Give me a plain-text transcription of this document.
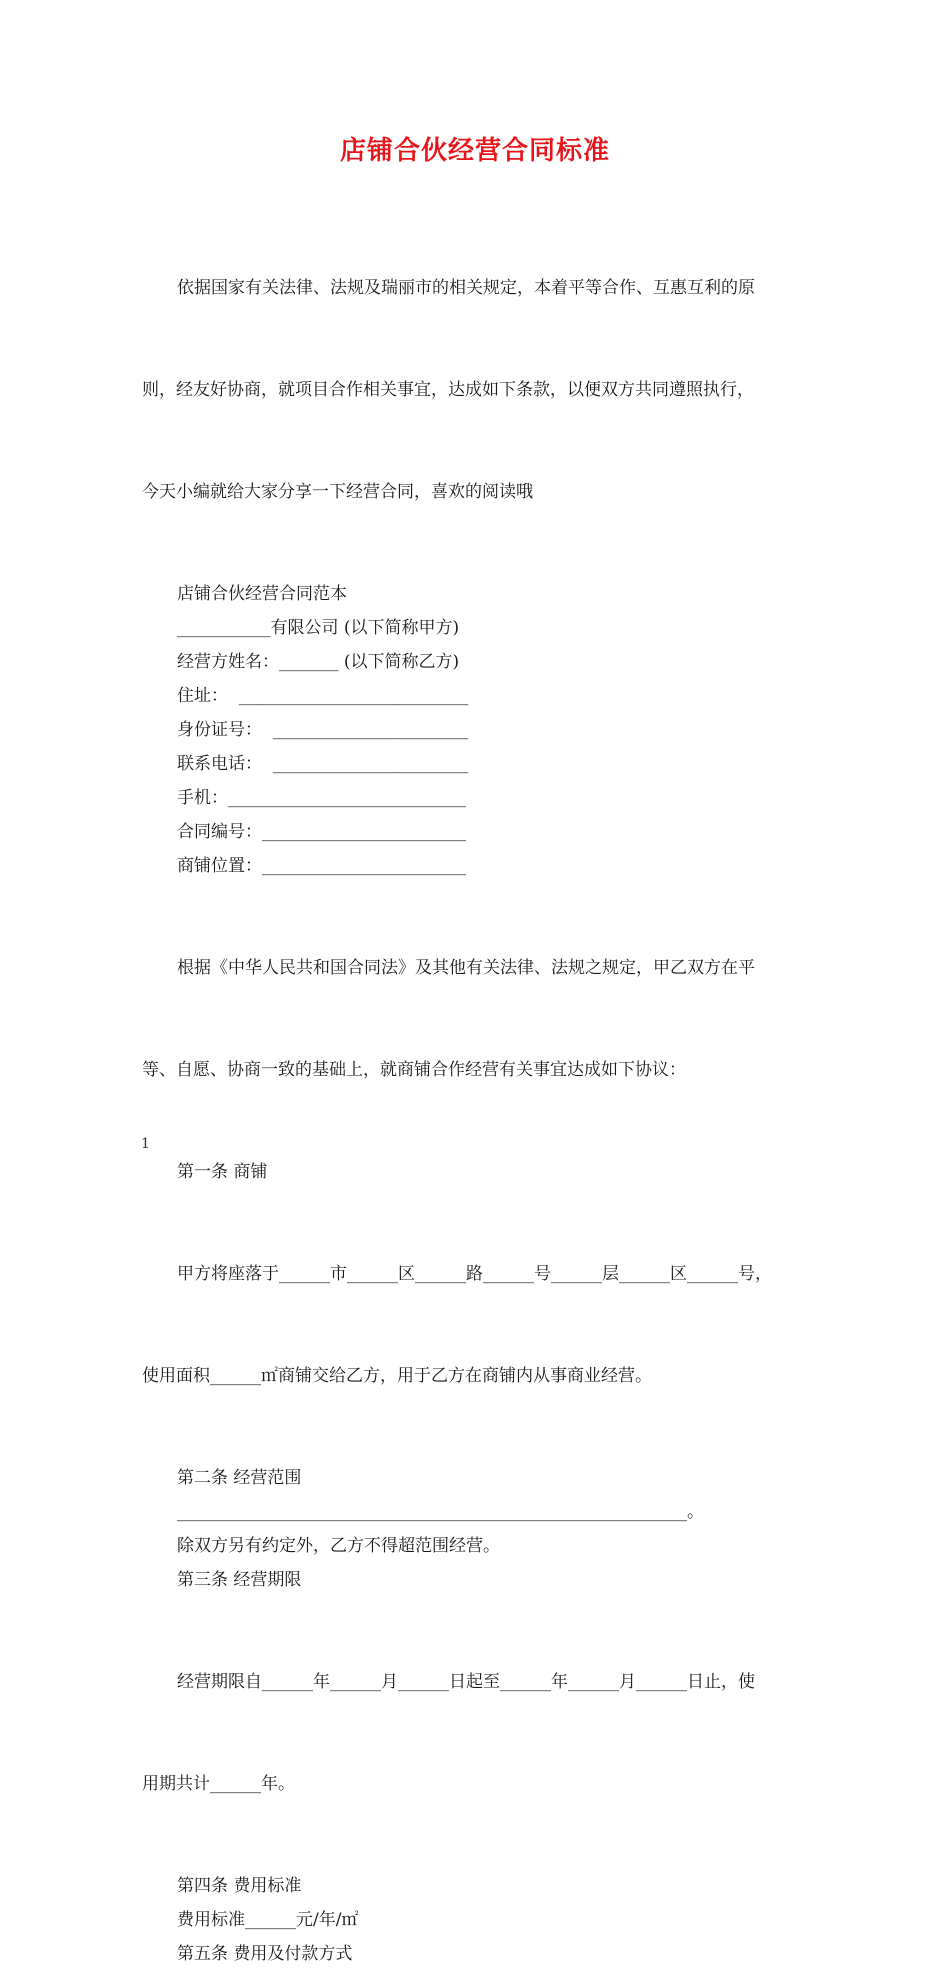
店铺合伙经营合同标准

依据国家有关法律、法规及瑞丽市的相关规定，本着平等合作、互惠互利的原

则，经友好协商，就项目合作相关事宜，达成如下条款，以便双方共同遵照执行，

今天小编就给大家分享一下经营合同，喜欢的阅读哦

店铺合伙经营合同范本

___________有限公司 (以下简称甲方)

经营方姓名：_______ (以下简称乙方)

住址：  ___________________________

身份证号：  _______________________

联系电话：  _______________________

手机：____________________________

合同编号：________________________

商铺位置：________________________

根据《中华人民共和国合同法》及其他有关法律、法规之规定，甲乙双方在平

等、自愿、协商一致的基础上，就商铺合作经营有关事宜达成如下协议：

第一条 商铺

甲方将座落于______市______区______路______号______层______区______号，

使用面积______㎡商铺交给乙方，用于乙方在商铺内从事商业经营。

第二条 经营范围

____________________________________________________________。

除双方另有约定外，乙方不得超范围经营。

第三条 经营期限

经营期限自______年______月______日起至______年______月______日止，使

用期共计______年。

第四条 费用标准

费用标准______元/年/㎡

第五条 费用及付款方式

1
